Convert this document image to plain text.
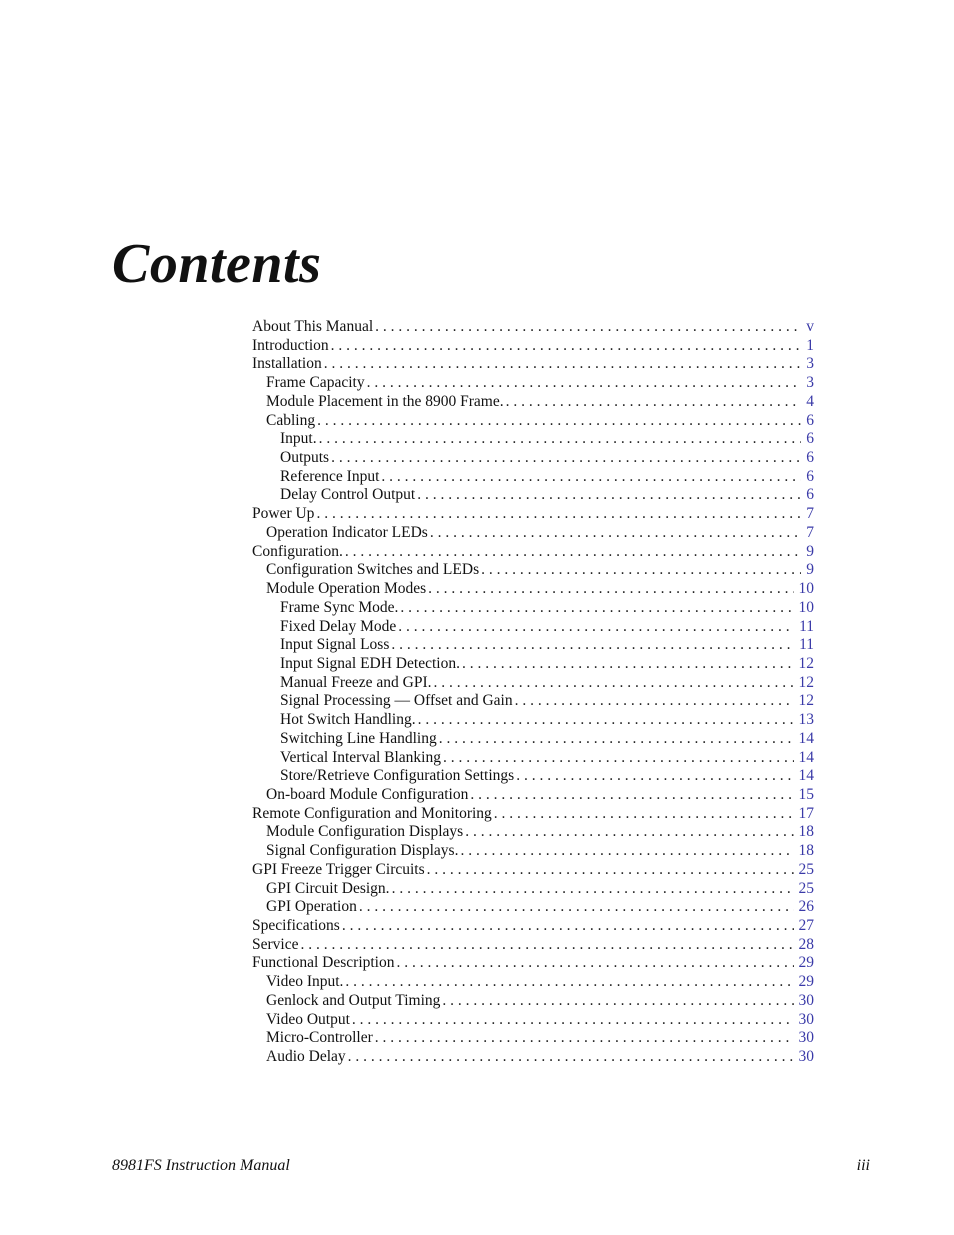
Contents
About This Manual . . .	v
Introduction . . .	1
Installation . . .	3
Frame Capacity . . .	3
Module Placement in the 8900 Frame. . . .	4
Cabling . . .	6
Input. . . .	6
Outputs . . .	6
Reference Input . . .	6
Delay Control Output . . .	6
Power Up . . .	7
Operation Indicator LEDs . . .	7
Configuration. . . .	9
Configuration Switches and LEDs . . .	9
Module Operation Modes . . .	10
Frame Sync Mode. . . .	10
Fixed Delay Mode . . .	11
Input Signal Loss . . .	11
Input Signal EDH Detection. . . .	12
Manual Freeze and GPI. . . .	12
Signal Processing — Offset and Gain . . .	12
Hot Switch Handling. . . .	13
Switching Line Handling . . .	14
Vertical Interval Blanking . . .	14
Store/Retrieve Configuration Settings . . .	14
On-board Module Configuration . . .	15
Remote Configuration and Monitoring . . .	17
Module Configuration Displays . . .	18
Signal Configuration Displays. . . .	18
GPI Freeze Trigger Circuits . . .	25
GPI Circuit Design. . . .	25
GPI Operation . . .	26
Specifications . . .	27
Service . . .	28
Functional Description . . .	29
Video Input. . . .	29
Genlock and Output Timing . . .	30
Video Output . . .	30
Micro-Controller . . .	30
Audio Delay . . .	30
8981FS Instruction Manual	iii
